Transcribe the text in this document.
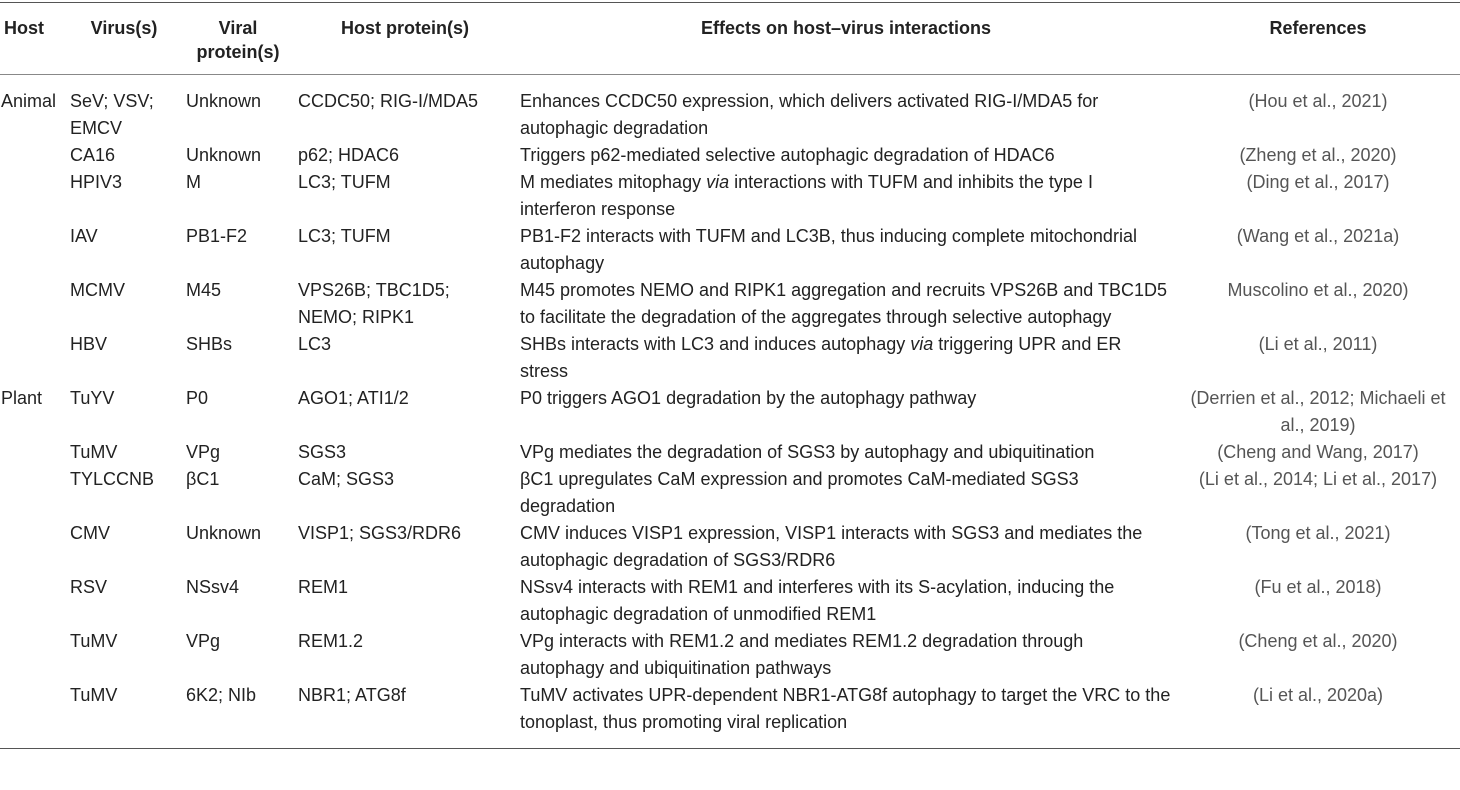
Host	Virus(s)	Viral protein(s)	Host protein(s)	Effects on host–virus interactions	References
Animal	SeV; VSV; EMCV	Unknown	CCDC50; RIG-I/MDA5	Enhances CCDC50 expression, which delivers activated RIG-I/MDA5 for autophagic degradation	(Hou et al., 2021)
	CA16	Unknown	p62; HDAC6	Triggers p62-mediated selective autophagic degradation of HDAC6	(Zheng et al., 2020)
	HPIV3	M	LC3; TUFM	M mediates mitophagy via interactions with TUFM and inhibits the type I interferon response	(Ding et al., 2017)
	IAV	PB1-F2	LC3; TUFM	PB1-F2 interacts with TUFM and LC3B, thus inducing complete mitochondrial autophagy	(Wang et al., 2021a)
	MCMV	M45	VPS26B; TBC1D5; NEMO; RIPK1	M45 promotes NEMO and RIPK1 aggregation and recruits VPS26B and TBC1D5 to facilitate the degradation of the aggregates through selective autophagy	Muscolino et al., 2020)
	HBV	SHBs	LC3	SHBs interacts with LC3 and induces autophagy via triggering UPR and ER stress	(Li et al., 2011)
Plant	TuYV	P0	AGO1; ATI1/2	P0 triggers AGO1 degradation by the autophagy pathway	(Derrien et al., 2012; Michaeli et al., 2019)
	TuMV	VPg	SGS3	VPg mediates the degradation of SGS3 by autophagy and ubiquitination	(Cheng and Wang, 2017)
	TYLCCNB	βC1	CaM; SGS3	βC1 upregulates CaM expression and promotes CaM-mediated SGS3 degradation	(Li et al., 2014; Li et al., 2017)
	CMV	Unknown	VISP1; SGS3/RDR6	CMV induces VISP1 expression, VISP1 interacts with SGS3 and mediates the autophagic degradation of SGS3/RDR6	(Tong et al., 2021)
	RSV	NSsv4	REM1	NSsv4 interacts with REM1 and interferes with its S-acylation, inducing the autophagic degradation of unmodified REM1	(Fu et al., 2018)
	TuMV	VPg	REM1.2	VPg interacts with REM1.2 and mediates REM1.2 degradation through autophagy and ubiquitination pathways	(Cheng et al., 2020)
	TuMV	6K2; NIb	NBR1; ATG8f	TuMV activates UPR-dependent NBR1-ATG8f autophagy to target the VRC to the tonoplast, thus promoting viral replication	(Li et al., 2020a)
